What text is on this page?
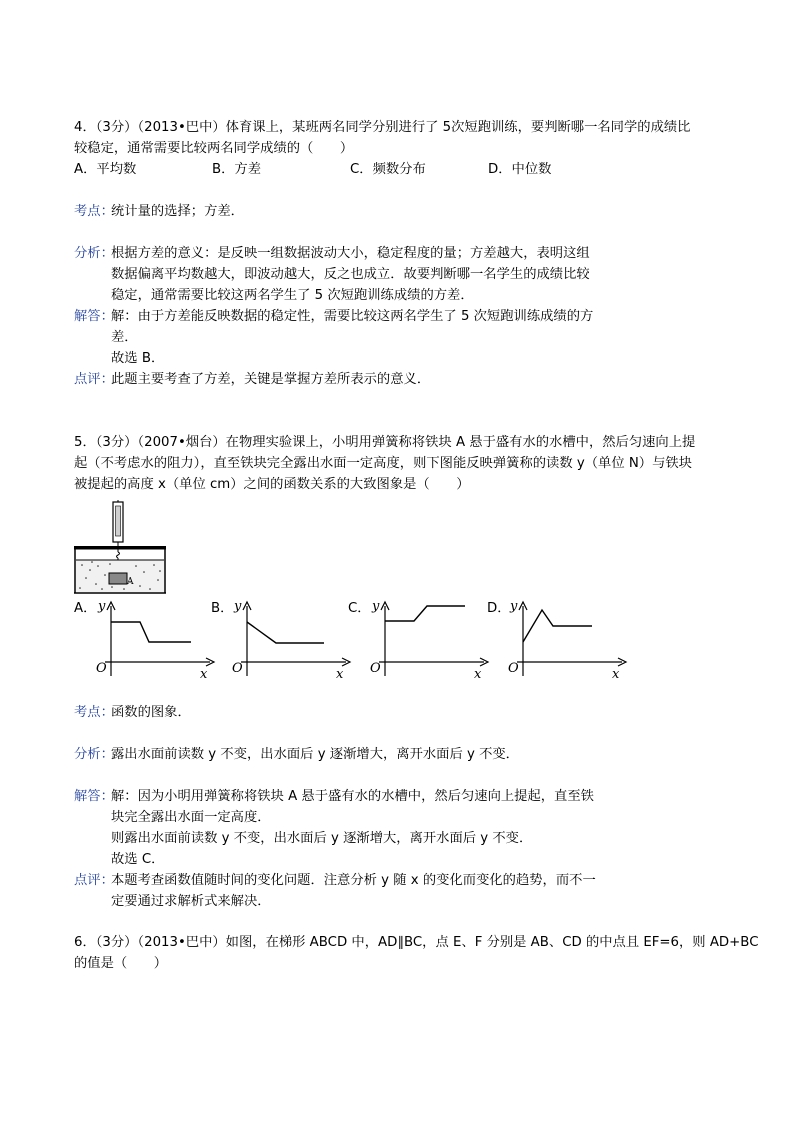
4．（3分）（2013•巴中）体育课上，某班两名同学分别进行了 5次短跑训练，要判断哪一名同学的成绩比
较稳定，通常需要比较两名同学成绩的（　　）
A．平均数	B．方差	C．频数分布	D．中位数
考点：
统计量的选择；方差．
分析：
根据方差的意义：是反映一组数据波动大小，稳定程度的量；方差越大，表明这组
数据偏离平均数越大，即波动越大，反之也成立．故要判断哪一名学生的成绩比较
稳定，通常需要比较这两名学生了 5 次短跑训练成绩的方差．
解答：
解：由于方差能反映数据的稳定性，需要比较这两名学生了 5 次短跑训练成绩的方
差．
故选 B．
点评：
此题主要考查了方差，关键是掌握方差所表示的意义．
5．（3分）（2007•烟台）在物理实验课上，小明用弹簧称将铁块 A 悬于盛有水的水槽中，然后匀速向上提
起（不考虑水的阻力），直至铁块完全露出水面一定高度，则下图能反映弹簧称的读数 y（单位 N）与铁块
被提起的高度 x（单位 cm）之间的函数关系的大致图象是（　　）
A
A． y
x
O
B． y
x
O
C． y
x
O
D． y
x
O
考点：
函数的图象．
分析：
露出水面前读数 y 不变，出水面后 y 逐渐增大，离开水面后 y 不变．
解答：
解：因为小明用弹簧称将铁块 A 悬于盛有水的水槽中，然后匀速向上提起，直至铁
块完全露出水面一定高度．
则露出水面前读数 y 不变，出水面后 y 逐渐增大，离开水面后 y 不变．
故选 C．
点评：
本题考查函数值随时间的变化问题．注意分析 y 随 x 的变化而变化的趋势，而不一
定要通过求解析式来解决．
6．（3分）（2013•巴中）如图，在梯形 ABCD 中，AD∥BC，点 E、F 分别是 AB、CD 的中点且 EF=6，则 AD+BC
的值是（　　）
